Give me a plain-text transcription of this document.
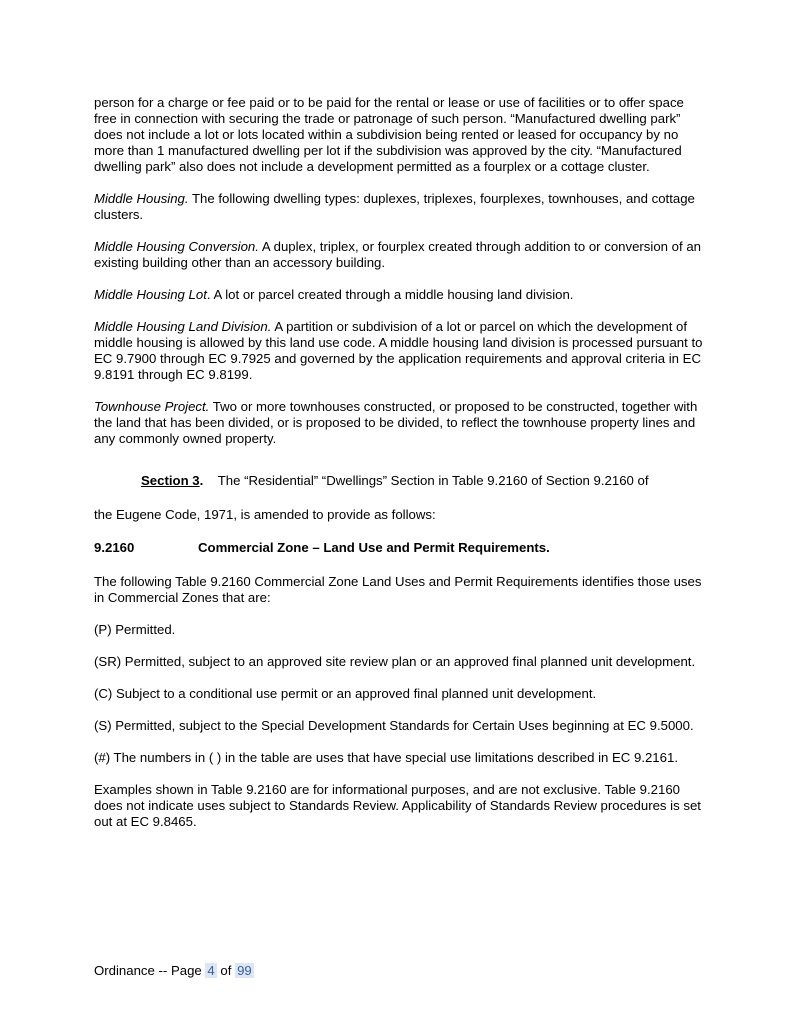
person for a charge or fee paid or to be paid for the rental or lease or use of facilities or to offer space free in connection with securing the trade or patronage of such person. “Manufactured dwelling park” does not include a lot or lots located within a subdivision being rented or leased for occupancy by no more than 1 manufactured dwelling per lot if the subdivision was approved by the city. “Manufactured dwelling park” also does not include a development permitted as a fourplex or a cottage cluster.

Middle Housing. The following dwelling types: duplexes, triplexes, fourplexes, townhouses, and cottage clusters.

Middle Housing Conversion. A duplex, triplex, or fourplex created through addition to or conversion of an existing building other than an accessory building.

Middle Housing Lot. A lot or parcel created through a middle housing land division.

Middle Housing Land Division. A partition or subdivision of a lot or parcel on which the development of middle housing is allowed by this land use code. A middle housing land division is processed pursuant to EC 9.7900 through EC 9.7925 and governed by the application requirements and approval criteria in EC 9.8191 through EC 9.8199.

Townhouse Project. Two or more townhouses constructed, or proposed to be constructed, together with the land that has been divided, or is proposed to be divided, to reflect the townhouse property lines and any commonly owned property.

Section 3.    The “Residential” “Dwellings” Section in Table 9.2160 of Section 9.2160 of
the Eugene Code, 1971, is amended to provide as follows:
9.2160	Commercial Zone – Land Use and Permit Requirements.

The following Table 9.2160 Commercial Zone Land Uses and Permit Requirements identifies those uses in Commercial Zones that are:

(P) Permitted.

(SR) Permitted, subject to an approved site review plan or an approved final planned unit development.

(C) Subject to a conditional use permit or an approved final planned unit development.

(S) Permitted, subject to the Special Development Standards for Certain Uses beginning at EC 9.5000.

(#) The numbers in ( ) in the table are uses that have special use limitations described in EC 9.2161.

Examples shown in Table 9.2160 are for informational purposes, and are not exclusive. Table 9.2160 does not indicate uses subject to Standards Review. Applicability of Standards Review procedures is set out at EC 9.8465.

Ordinance -- Page 4 of 99
